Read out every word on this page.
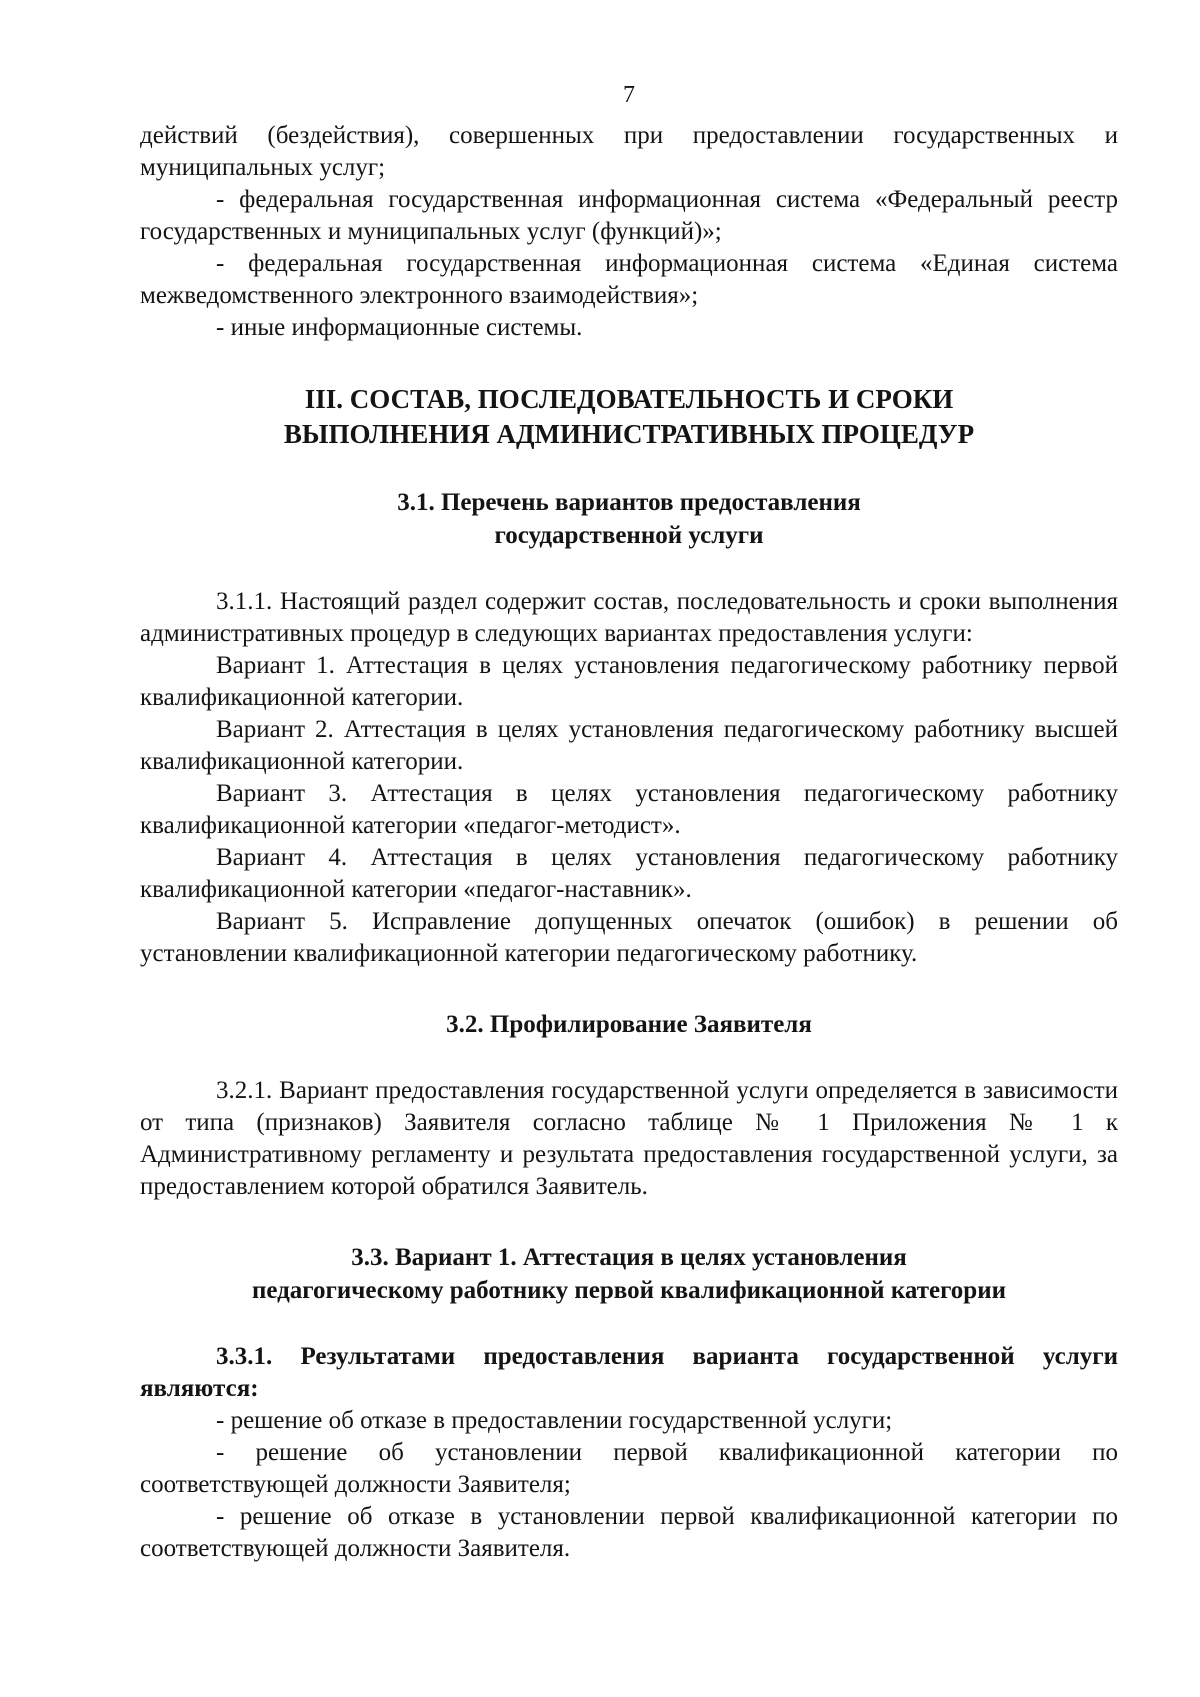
7

действий (бездействия), совершенных при предоставлении государственных и муниципальных услуг;

- федеральная государственная информационная система «Федеральный реестр государственных и муниципальных услуг (функций)»;

- федеральная государственная информационная система «Единая система межведомственного электронного взаимодействия»;

- иные информационные системы.

III. СОСТАВ, ПОСЛЕДОВАТЕЛЬНОСТЬ И СРОКИ
ВЫПОЛНЕНИЯ АДМИНИСТРАТИВНЫХ ПРОЦЕДУР
3.1. Перечень вариантов предоставления
государственной услуги

3.1.1. Настоящий раздел содержит состав, последовательность и сроки выполнения административных процедур в следующих вариантах предоставления услуги:

Вариант 1. Аттестация в целях установления педагогическому работнику первой квалификационной категории.

Вариант 2. Аттестация в целях установления педагогическому работнику высшей квалификационной категории.

Вариант 3. Аттестация в целях установления педагогическому работнику квалификационной категории «педагог-методист».

Вариант 4. Аттестация в целях установления педагогическому работнику квалификационной категории «педагог-наставник».

Вариант 5. Исправление допущенных опечаток (ошибок) в решении об установлении квалификационной категории педагогическому работнику.

3.2. Профилирование Заявителя

3.2.1. Вариант предоставления государственной услуги определяется в зависимости от типа (признаков) Заявителя согласно таблице № 1 Приложения № 1 к Административному регламенту и результата предоставления государственной услуги, за предоставлением которой обратился Заявитель.

3.3. Вариант 1. Аттестация в целях установления
педагогическому работнику первой квалификационной категории

3.3.1. Результатами предоставления варианта государственной услуги являются:

- решение об отказе в предоставлении государственной услуги;

- решение об установлении первой квалификационной категории по соответствующей должности Заявителя;

- решение об отказе в установлении первой квалификационной категории по соответствующей должности Заявителя.
